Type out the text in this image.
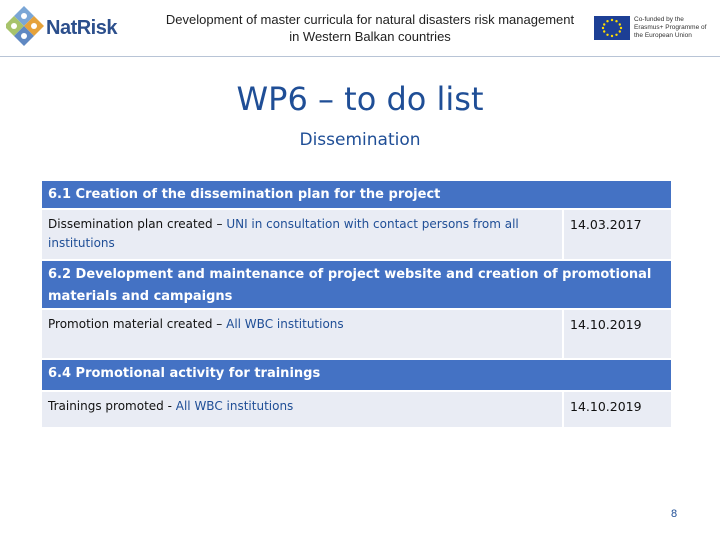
NatRisk	Development of master curricula for natural disasters risk management in Western Balkan countries
Co-funded by the Erasmus+ Programme of the European Union
WP6 – to do list
Dissemination
6.1 Creation of the dissemination plan for the project
Dissemination plan created – UNI in consultation with contact persons from all institutions
14.03.2017
6.2 Development and maintenance of project website and creation of promotional materials and campaigns
Promotion material created – All WBC institutions	14.10.2019
6.4 Promotional activity for trainings
Trainings promoted - All WBC institutions	14.10.2019
8
